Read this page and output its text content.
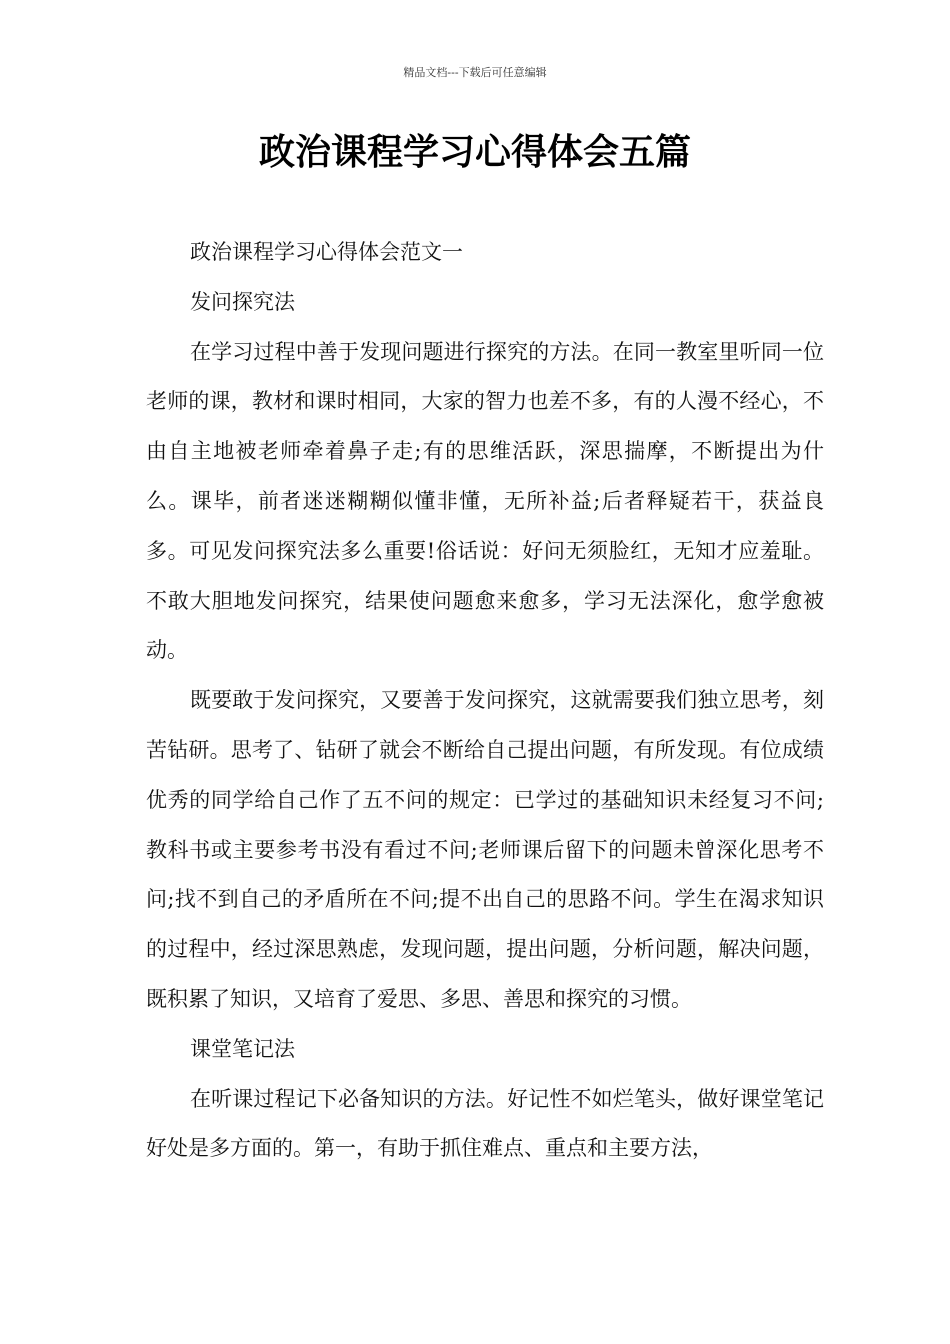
精品文档---下载后可任意编辑
政治课程学习心得体会五篇

政治课程学习心得体会范文一

发问探究法

在学习过程中善于发现问题进行探究的方法。在同一教室里听同一位老师的课，教材和课时相同，大家的智力也差不多，有的人漫不经心，不由自主地被老师牵着鼻子走;有的思维活跃，深思揣摩，不断提出为什么。课毕，前者迷迷糊糊似懂非懂，无所补益;后者释疑若干，获益良多。可见发问探究法多么重要!俗话说：好问无须脸红，无知才应羞耻。不敢大胆地发问探究，结果使问题愈来愈多，学习无法深化，愈学愈被动。

既要敢于发问探究，又要善于发问探究，这就需要我们独立思考，刻苦钻研。思考了、钻研了就会不断给自己提出问题，有所发现。有位成绩优秀的同学给自己作了五不问的规定：已学过的基础知识未经复习不问;教科书或主要参考书没有看过不问;老师课后留下的问题未曾深化思考不问;找不到自己的矛盾所在不问;提不出自己的思路不问。学生在渴求知识的过程中，经过深思熟虑，发现问题，提出问题，分析问题，解决问题，既积累了知识，又培育了爱思、多思、善思和探究的习惯。

课堂笔记法

在听课过程记下必备知识的方法。好记性不如烂笔头，做好课堂笔记好处是多方面的。第一，有助于抓住难点、重点和主要方法，
